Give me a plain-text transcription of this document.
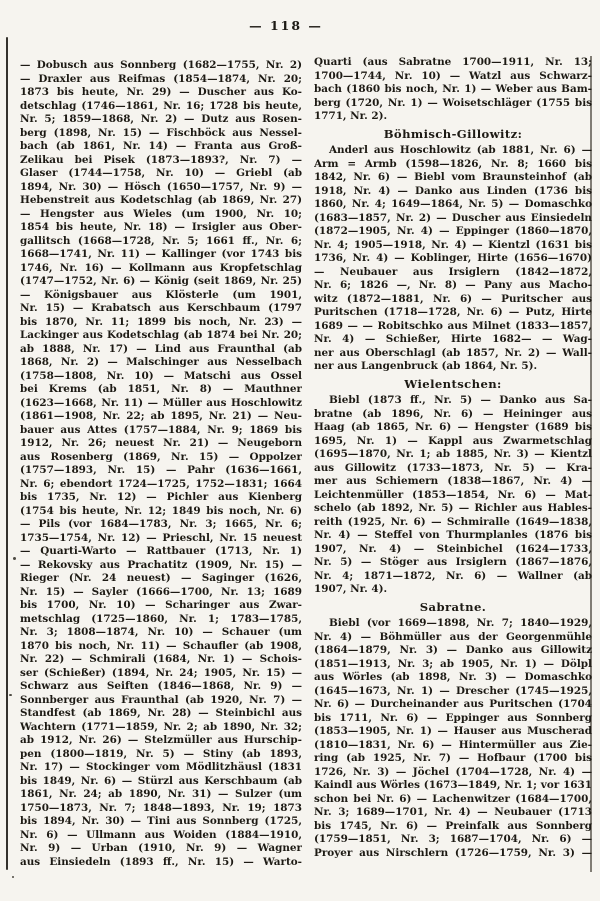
— 118 —
— Dobusch aus Sonnberg (1682—1755, Nr. 2)
— Draxler aus Reifmas (1854—1874, Nr. 20;
1873 bis heute, Nr. 29) — Duscher aus Ko-
detschlag (1746—1861, Nr. 16; 1728 bis heute,
Nr. 5; 1859—1868, Nr. 2) — Dutz aus Rosen-
berg (1898, Nr. 15) — Fischböck aus Nessel-
bach (ab 1861, Nr. 14) — Franta aus Groß-
Zelikau bei Pisek (1873—1893?, Nr. 7) —
Glaser (1744—1758, Nr. 10) — Griebl (ab
1894, Nr. 30) — Hösch (1650—1757, Nr. 9) —
Hebenstreit aus Kodetschlag (ab 1869, Nr. 27)
— Hengster aus Wieles (um 1900, Nr. 10;
1854 bis heute, Nr. 18) — Irsigler aus Ober-
gallitsch (1668—1728, Nr. 5; 1661 ff., Nr. 6;
1668—1741, Nr. 11) — Kallinger (vor 1743 bis
1746, Nr. 16) — Kollmann aus Kropfetschlag
(1747—1752, Nr. 6) — König (seit 1869, Nr. 25)
— Königsbauer aus Klösterle (um 1901,
Nr. 15) — Krabatsch aus Kerschbaum (1797
bis 1870, Nr. 11; 1899 bis noch, Nr. 23) —
Lackinger aus Kodetschlag (ab 1874 bei Nr. 20;
ab 1888, Nr. 17) — Lind aus Fraunthal (ab
1868, Nr. 2) — Malschinger aus Nesselbach
(1758—1808, Nr. 10) — Matschi aus Ossel
bei Krems (ab 1851, Nr. 8) — Mauthner
(1623—1668, Nr. 11) — Müller aus Hoschlowitz
(1861—1908, Nr. 22; ab 1895, Nr. 21) — Neu-
bauer aus Attes (1757—1884, Nr. 9; 1869 bis
1912, Nr. 26; neuest Nr. 21) — Neugeborn
aus Rosenberg (1869, Nr. 15) — Oppolzer
(1757—1893, Nr. 15) — Pahr (1636—1661,
Nr. 6; ebendort 1724—1725, 1752—1831; 1664
bis 1735, Nr. 12) — Pichler aus Kienberg
(1754 bis heute, Nr. 12; 1849 bis noch, Nr. 6)
— Pils (vor 1684—1783, Nr. 3; 1665, Nr. 6;
1735—1754, Nr. 12) — Prieschl, Nr. 15 neuest
— Quarti-Warto — Rattbauer (1713, Nr. 1)
— Rekovsky aus Prachatitz (1909, Nr. 15) —
Rieger (Nr. 24 neuest) — Saginger (1626,
Nr. 15) — Sayler (1666—1700, Nr. 13; 1689
bis 1700, Nr. 10) — Scharinger aus Zwar-
metschlag (1725—1860, Nr. 1; 1783—1785,
Nr. 3; 1808—1874, Nr. 10) — Schauer (um
1870 bis noch, Nr. 11) — Schaufler (ab 1908,
Nr. 22) — Schmirali (1684, Nr. 1) — Schois-
ser (Schießer) (1894, Nr. 24; 1905, Nr. 15) —
Schwarz aus Seiften (1846—1868, Nr. 9) —
Sonnberger aus Fraunthal (ab 1920, Nr. 7) —
Standfest (ab 1869, Nr. 28) — Steinbichl aus
Wachtern (1771—1859, Nr. 2; ab 1890, Nr. 32;
ab 1912, Nr. 26) — Stelzmüller aus Hurschip-
pen (1800—1819, Nr. 5) — Stiny (ab 1893,
Nr. 17) — Stockinger vom Mödlitzhäusl (1831
bis 1849, Nr. 6) — Stürzl aus Kerschbaum (ab
1861, Nr. 24; ab 1890, Nr. 31) — Sulzer (um
1750—1873, Nr. 7; 1848—1893, Nr. 19; 1873
bis 1894, Nr. 30) — Tini aus Sonnberg (1725,
Nr. 6) — Ullmann aus Woiden (1884—1910,
Nr. 9) — Urban (1910, Nr. 9) — Wagner
aus Einsiedeln (1893 ff., Nr. 15) — Warto-
Quarti (aus Sabratne 1700—1911, Nr. 13;
1700—1744, Nr. 10) — Watzl aus Schwarz-
bach (1860 bis noch, Nr. 1) — Weber aus Bam-
berg (1720, Nr. 1) — Woisetschläger (1755 bis
1771, Nr. 2).
Böhmisch-Gillowitz:
Anderl aus Hoschlowitz (ab 1881, Nr. 6) —
Arm = Armb (1598—1826, Nr. 8; 1660 bis
1842, Nr. 6) — Biebl vom Braunsteinhof (ab
1918, Nr. 4) — Danko aus Linden (1736 bis
1860, Nr. 4; 1649—1864, Nr. 5) — Domaschko
(1683—1857, Nr. 2) — Duscher aus Einsiedeln
(1872—1905, Nr. 4) — Eppinger (1860—1870,
Nr. 4; 1905—1918, Nr. 4) — Kientzl (1631 bis
1736, Nr. 4) — Koblinger, Hirte (1656—1670)
— Neubauer aus Irsiglern (1842—1872,
Nr. 6; 1826 —, Nr. 8) — Pany aus Macho-
witz (1872—1881, Nr. 6) — Puritscher aus
Puritschen (1718—1728, Nr. 6) — Putz, Hirte
1689 — — Robitschko aus Milnet (1833—1857,
Nr. 4) — Schießer, Hirte 1682— — Wag-
ner aus Oberschlagl (ab 1857, Nr. 2) — Wall-
ner aus Langenbruck (ab 1864, Nr. 5).
Wielentschen:
Biebl (1873 ff., Nr. 5) — Danko aus Sa-
bratne (ab 1896, Nr. 6) — Heininger aus
Haag (ab 1865, Nr. 6) — Hengster (1689 bis
1695, Nr. 1) — Kappl aus Zwarmetschlag
(1695—1870, Nr. 1; ab 1885, Nr. 3) — Kientzl
aus Gillowitz (1733—1873, Nr. 5) — Kra-
mer aus Schiemern (1838—1867, Nr. 4) —
Leichtenmüller (1853—1854, Nr. 6) — Mat-
schelo (ab 1892, Nr. 5) — Richler aus Hables-
reith (1925, Nr. 6) — Schmiralle (1649—1838,
Nr. 4) — Steffel von Thurmplanles (1876 bis
1907, Nr. 4) — Steinbichel (1624—1733,
Nr. 5) — Stöger aus Irsiglern (1867—1876,
Nr. 4; 1871—1872, Nr. 6) — Wallner (ab
1907, Nr. 4).
Sabratne.
Biebl (vor 1669—1898, Nr. 7; 1840—1929,
Nr. 4) — Böhmüller aus der Georgenmühle
(1864—1879, Nr. 3) — Danko aus Gillowitz
(1851—1913, Nr. 3; ab 1905, Nr. 1) — Dölpl
aus Wörles (ab 1898, Nr. 3) — Domaschko
(1645—1673, Nr. 1) — Drescher (1745—1925,
Nr. 6) — Durcheinander aus Puritschen (1704
bis 1711, Nr. 6) — Eppinger aus Sonnberg
(1853—1905, Nr. 1) — Hauser aus Muscherad
(1810—1831, Nr. 6) — Hintermüller aus Zie-
ring (ab 1925, Nr. 7) — Hofbaur (1700 bis
1726, Nr. 3) — Jöchel (1704—1728, Nr. 4) —
Kaindl aus Wörles (1673—1849, Nr. 1; vor 1631
schon bei Nr. 6) — Lachenwitzer (1684—1700,
Nr. 3; 1689—1701, Nr. 4) — Neubauer (1713
bis 1745, Nr. 6) — Preinfalk aus Sonnberg
(1759—1851, Nr. 3; 1687—1704, Nr. 6) —
Proyer aus Nirschlern (1726—1759, Nr. 3) —
